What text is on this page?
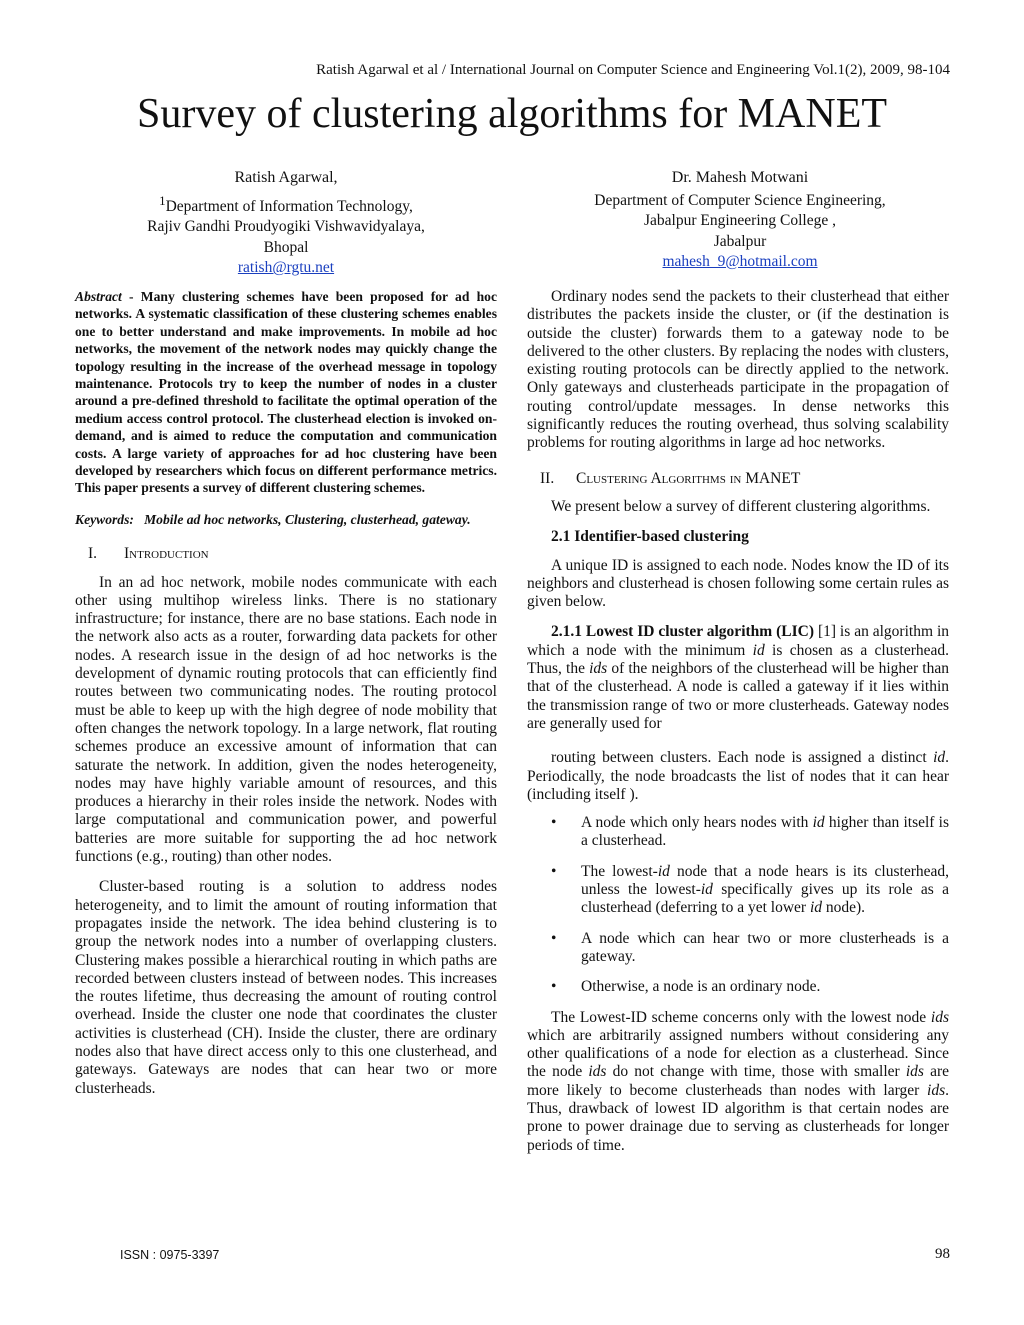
Ratish Agarwal et al / International Journal on Computer Science and Engineering Vol.1(2), 2009, 98-104
Survey of clustering algorithms for MANET
Ratish Agarwal,
$^1$Department of Information Technology,
Rajiv Gandhi Proudyogiki Vishwavidyalaya,
Bhopal
ratish@rgtu.net
Dr. Mahesh Motwani
Department of Computer Science Engineering,
Jabalpur Engineering College ,
Jabalpur
mahesh_9@hotmail.com

Abstract - Many clustering schemes have been proposed for ad hoc networks. A systematic classification of these clustering schemes enables one to better understand and make improvements. In mobile ad hoc networks, the movement of the network nodes may quickly change the topology resulting in the increase of the overhead message in topology maintenance. Protocols try to keep the number of nodes in a cluster around a pre-defined threshold to facilitate the optimal operation of the medium access control protocol. The clusterhead election is invoked on-demand, and is aimed to reduce the computation and communication costs. A large variety of approaches for ad hoc clustering have been developed by researchers which focus on different performance metrics. This paper presents a survey of different clustering schemes.

Keywords:   Mobile ad hoc networks, Clustering, clusterhead, gateway.

I. Introduction

In an ad hoc network, mobile nodes communicate with each other using multihop wireless links. There is no stationary infrastructure; for instance, there are no base stations. Each node in the network also acts as a router, forwarding data packets for other nodes. A research issue in the design of ad hoc networks is the development of dynamic routing protocols that can efficiently find routes between two communicating nodes. The routing protocol must be able to keep up with the high degree of node mobility that often changes the network topology. In a large network, flat routing schemes produce an excessive amount of information that can saturate the network. In addition, given the nodes heterogeneity, nodes may have highly variable amount of resources, and this produces a hierarchy in their roles inside the network. Nodes with large computational and communication power, and powerful batteries are more suitable for supporting the ad hoc network functions (e.g., routing) than other nodes.

Cluster-based routing is a solution to address nodes heterogeneity, and to limit the amount of routing information that propagates inside the network. The idea behind clustering is to group the network nodes into a number of overlapping clusters. Clustering makes possible a hierarchical routing in which paths are recorded between clusters instead of between nodes. This increases the routes lifetime, thus decreasing the amount of routing control overhead. Inside the cluster one node that coordinates the cluster activities is clusterhead (CH). Inside the cluster, there are ordinary nodes also that have direct access only to this one clusterhead, and gateways. Gateways are nodes that can hear two or more clusterheads.

Ordinary nodes send the packets to their clusterhead that either distributes the packets inside the cluster, or (if the destination is outside the cluster) forwards them to a gateway node to be delivered to the other clusters. By replacing the nodes with clusters, existing routing protocols can be directly applied to the network. Only gateways and clusterheads participate in the propagation of routing control/update messages. In dense networks this significantly reduces the routing overhead, thus solving scalability problems for routing algorithms in large ad hoc networks.

II. Clustering Algorithms in MANET

We present below a survey of different clustering algorithms.

2.1 Identifier-based clustering

A unique ID is assigned to each node. Nodes know the ID of its neighbors and clusterhead is chosen following some certain rules as given below.

2.1.1 Lowest ID cluster algorithm (LIC) [1] is an algorithm in which a node with the minimum id is chosen as a clusterhead. Thus, the ids of the neighbors of the clusterhead will be higher than that of the clusterhead. A node is called a gateway if it lies within the transmission range of two or more clusterheads. Gateway nodes are generally used for

routing between clusters. Each node is assigned a distinct id. Periodically, the node broadcasts the list of nodes that it can hear (including itself ).

• A node which only hears nodes with id higher than itself is a clusterhead.
• The lowest-id node that a node hears is its clusterhead, unless the lowest-id specifically gives up its role as a clusterhead (deferring to a yet lower id node).
• A node which can hear two or more clusterheads is a gateway.
• Otherwise, a node is an ordinary node.

The Lowest-ID scheme concerns only with the lowest node ids which are arbitrarily assigned numbers without considering any other qualifications of a node for election as a clusterhead. Since the node ids do not change with time, those with smaller ids are more likely to become clusterheads than nodes with larger ids. Thus, drawback of lowest ID algorithm is that certain nodes are prone to power drainage due to serving as clusterheads for longer periods of time.

ISSN : 0975-3397	98
